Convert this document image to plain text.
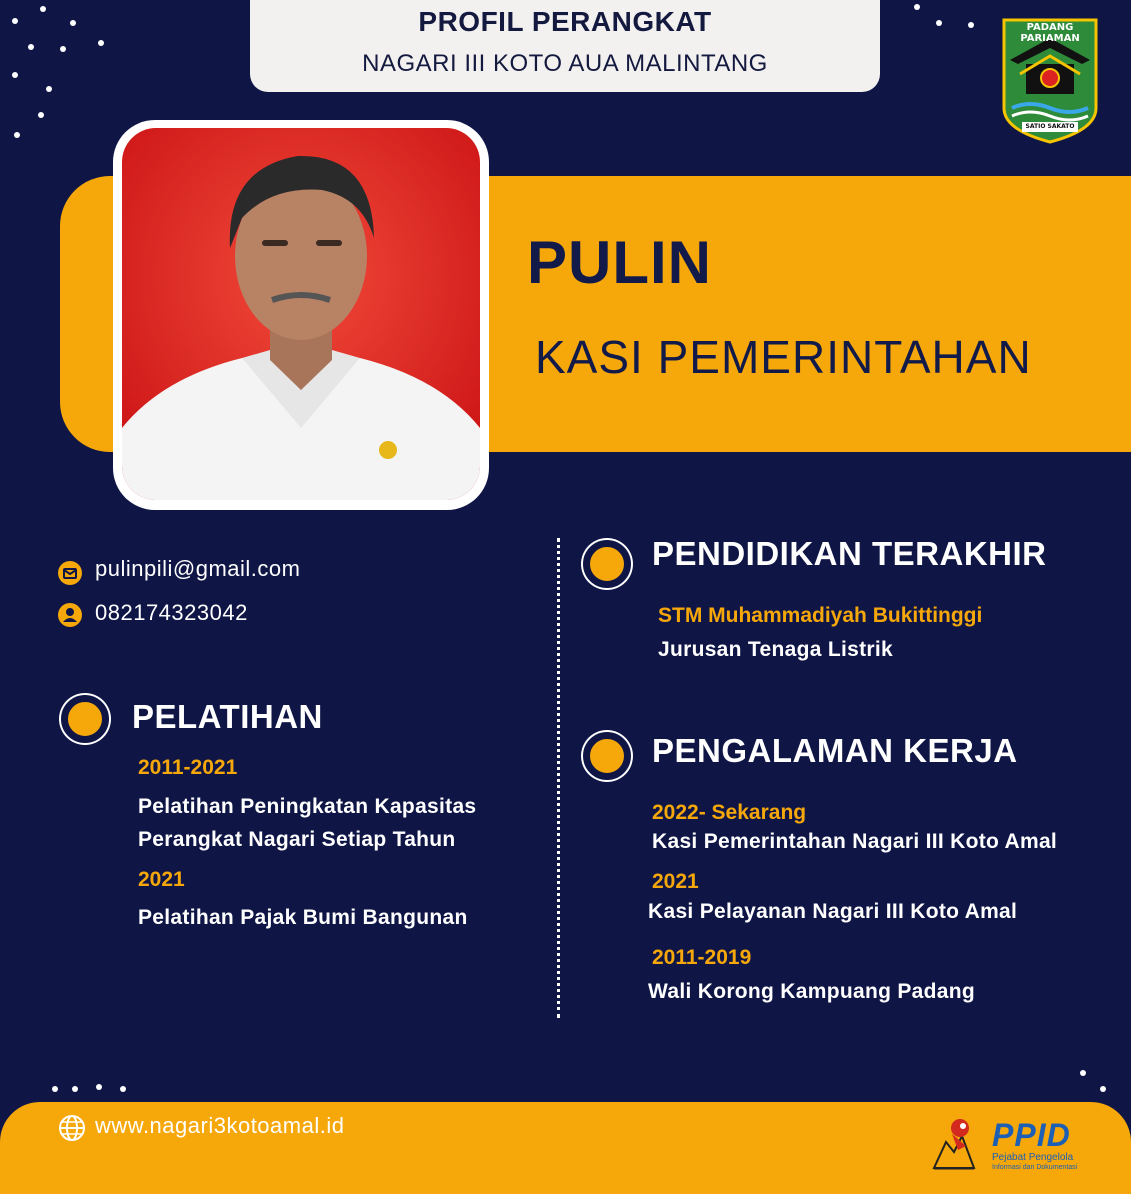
PROFIL PERANGKAT
NAGARI III KOTO AUA MALINTANG
PADANG PARIAMAN
SATIO SAKATO
PULIN
KASI PEMERINTAHAN
pulinpili@gmail.com
082174323042
PELATIHAN
2011-2021
Pelatihan Peningkatan Kapasitas
Perangkat Nagari Setiap Tahun
2021
Pelatihan Pajak Bumi Bangunan
PENDIDIKAN TERAKHIR
STM Muhammadiyah Bukittinggi
Jurusan Tenaga Listrik
PENGALAMAN KERJA
2022- Sekarang
Kasi Pemerintahan Nagari III Koto Amal
2021
Kasi Pelayanan Nagari III Koto Amal
2011-2019
Wali Korong Kampuang Padang
www.nagari3kotoamal.id	PPID
Pejabat Pengelola
Informasi dan Dokumentasi
